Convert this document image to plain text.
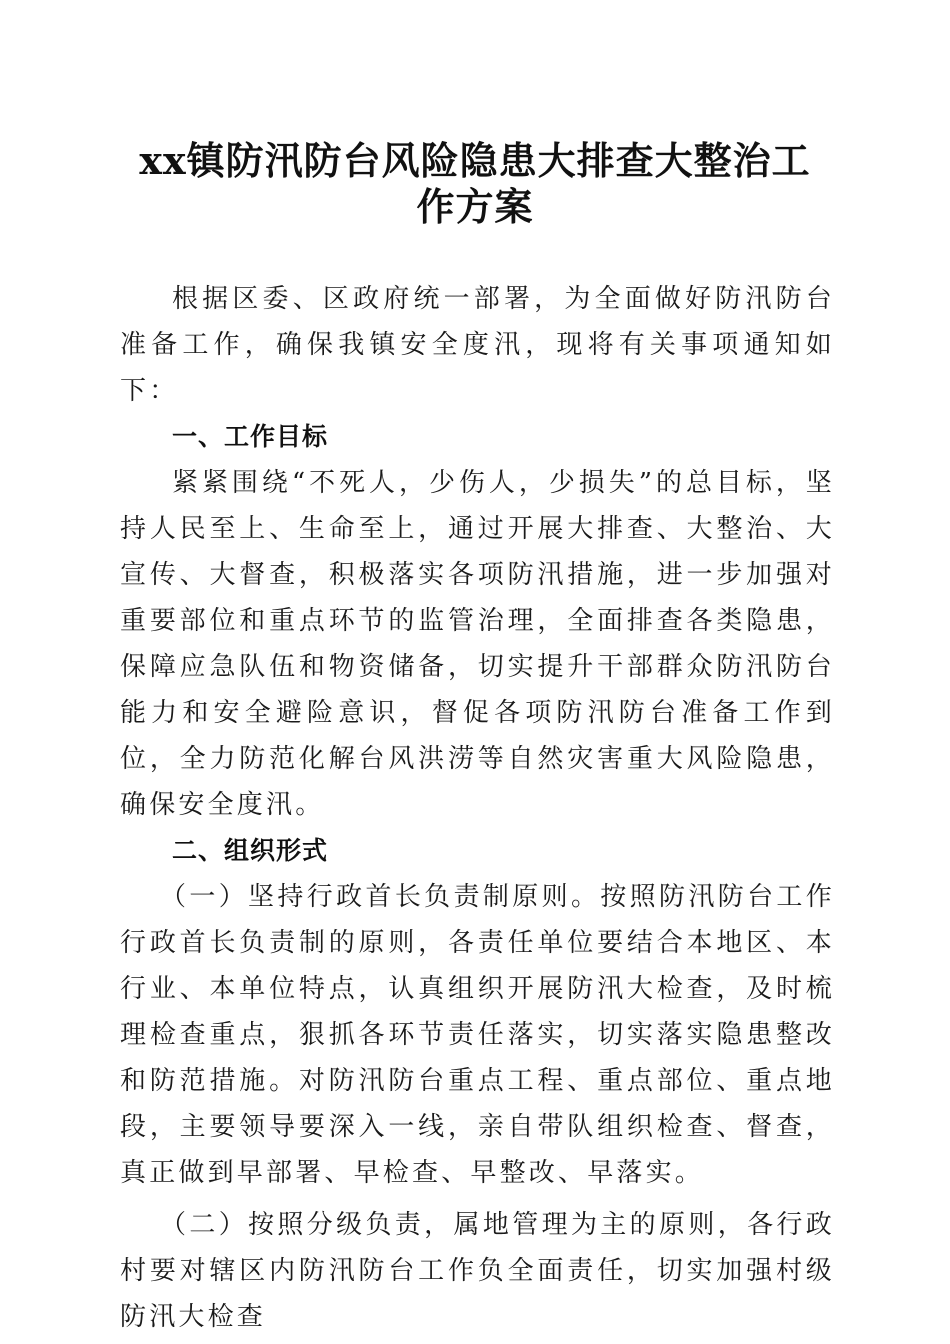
xx镇防汛防台风险隐患大排查大整治工作方案

根据区委、区政府统一部署，为全面做好防汛防台准备工作，确保我镇安全度汛，现将有关事项通知如下：

一、工作目标

紧紧围绕“不死人，少伤人，少损失”的总目标，坚持人民至上、生命至上，通过开展大排查、大整治、大宣传、大督查，积极落实各项防汛措施，进一步加强对重要部位和重点环节的监管治理，全面排查各类隐患，保障应急队伍和物资储备，切实提升干部群众防汛防台能力和安全避险意识，督促各项防汛防台准备工作到位，全力防范化解台风洪涝等自然灾害重大风险隐患，确保安全度汛。

二、组织形式

（一）坚持行政首长负责制原则。按照防汛防台工作行政首长负责制的原则，各责任单位要结合本地区、本行业、本单位特点，认真组织开展防汛大检查，及时梳理检查重点，狠抓各环节责任落实，切实落实隐患整改和防范措施。对防汛防台重点工程、重点部位、重点地段，主要领导要深入一线，亲自带队组织检查、督查，真正做到早部署、早检查、早整改、早落实。

（二）按照分级负责，属地管理为主的原则，各行政村要对辖区内防汛防台工作负全面责任，切实加强村级防汛大检查
